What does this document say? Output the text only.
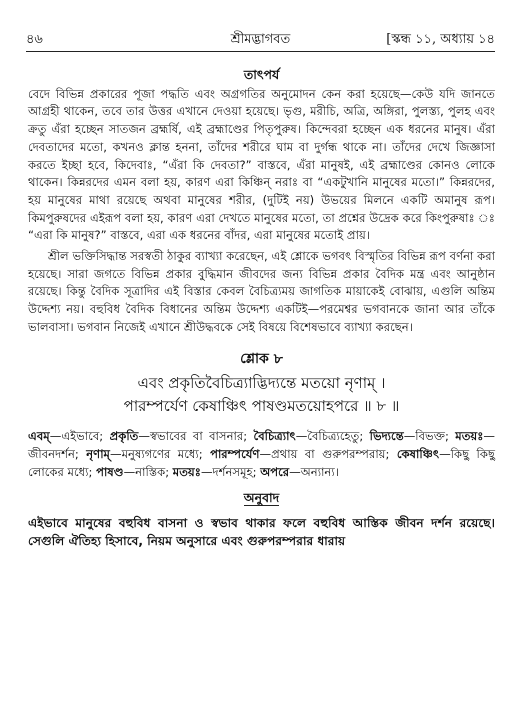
৪৬	শ্রীমদ্ভাগবত	[স্কন্ধ ১১, অধ্যায় ১৪
তাৎপর্য

বেদে বিভিন্ন প্রকারের পূজা পদ্ধতি এবং অগ্রগতির অনুমোদন কেন করা হয়েছে—কেউ যদি জানতে আগ্রহী থাকেন, তবে তার উত্তর এখানে দেওয়া হয়েছে। ভৃগু, মরীচি, অত্রি, অঙ্গিরা, পুলস্ত্য, পুলহ এবং ক্রতু এঁরা হচ্ছেন সাতজন ব্রহ্মর্ষি, এই ব্রহ্মাণ্ডের পিতৃপুরুষ। কিন্দেবরা হচ্ছেন এক ধরনের মানুষ। এঁরা দেবতাদের মতো, কখনও ক্লান্ত হননা, তাঁদের শরীরে ঘাম বা দুর্গন্ধ থাকে না। তাঁদের দেখে জিজ্ঞাসা করতে ইচ্ছা হবে, কিদেবাঃ, “এঁরা কি দেবতা?” বাস্তবে, এঁরা মানুষই, এই ব্রহ্মাণ্ডের কোনও লোকে থাকেন। কিন্নরদের এমন বলা হয়, কারণ এরা কিঞ্চিন্ নরাঃ বা “একটুখানি মানুষের মতো।” কিন্নরদের, হয় মানুষের মাথা রয়েছে অথবা মানুষের শরীর, (দুটিই নয়) উভয়ের মিলনে একটি অমানুষ রূপ। কিমপুরুষদের এইরূপ বলা হয়, কারণ এরা দেখতে মানুষের মতো, তা প্রশ্নের উদ্রেক করে কিংপুরুষাঃ ঃ “এরা কি মানুষ?” বাস্তবে, এরা এক ধরনের বাঁদর, এরা মানুষের মতোই প্রায়।

শ্রীল ভক্তিসিদ্ধান্ত সরস্বতী ঠাকুর ব্যাখ্যা করেছেন, এই শ্লোকে ভগবৎ বিস্মৃতির বিভিন্ন রূপ বর্ণনা করা হয়েছে। সারা জগতে বিভিন্ন প্রকার বুদ্ধিমান জীবদের জন্য বিভিন্ন প্রকার বৈদিক মন্ত্র এবং আনুষ্ঠান রয়েছে। কিন্তু বৈদিক সূত্রাদির এই বিস্তার কেবল বৈচিত্র্যময় জাগতিক মায়াকেই বোঝায়, এগুলি অন্তিম উদ্দেশ্য নয়। বহুবিধ বৈদিক বিধানের অন্তিম উদ্দেশ্য একটিই—পরমেশ্বর ভগবানকে জানা আর তাঁকে ভালবাসা। ভগবান নিজেই এখানে শ্রীউদ্ধবকে সেই বিষয়ে বিশেষভাবে ব্যাখ্যা করছেন।

শ্লোক ৮

এবং প্রকৃতিবৈচিত্র্যাদ্ভিদ্যন্তে মতয়ো নৃণাম্ ।

পারম্পর্যেণ কেষাঞ্চিৎ পাষণ্ডমতয়োহপরে ॥ ৮ ॥

এবম্—এইভাবে; প্রকৃতি—স্বভাবের বা বাসনার; বৈচিত্র্যাৎ—বৈচিত্র্যহেতু; ভিদ্যন্তে—বিভক্ত; মতয়ঃ—জীবনদর্শন; নৃণাম্—মনুষ্যগণের মধ্যে; পারম্পর্যেণ—প্রথায় বা গুরুপরম্পরায়; কেষাঞ্চিৎ—কিছু কিছু লোকের মধ্যে; পাষণ্ড—নাস্তিক; মতয়ঃ—দর্শনসমূহ; অপরে—অন্যান্য।

অনুবাদ

এইভাবে মানুষের বহুবিধ বাসনা ও স্বভাব থাকার ফলে বহুবিধ আস্তিক জীবন দর্শন রয়েছে। সেগুলি ঐতিহ্য হিসাবে, নিয়ম অনুসারে এবং গুরুপরম্পরার ধারায়
